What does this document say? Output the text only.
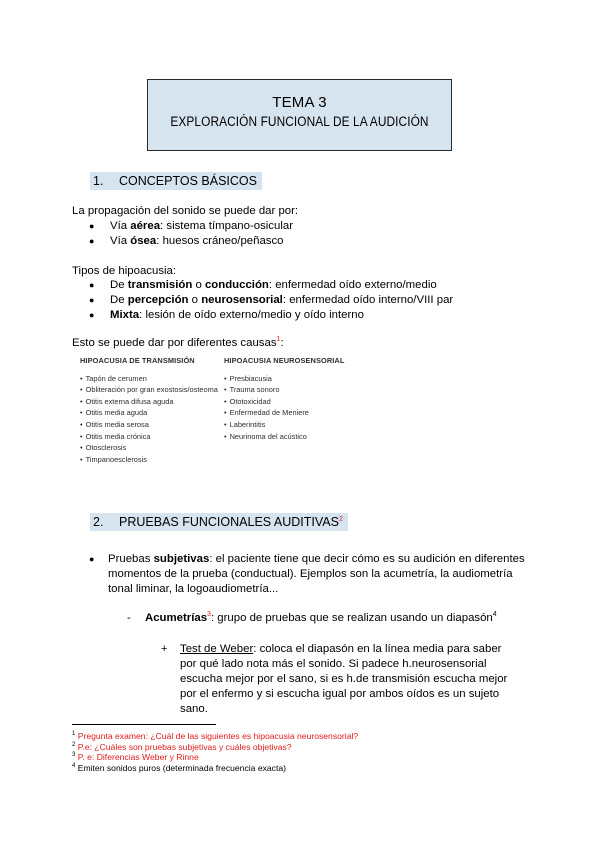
TEMA 3
EXPLORACIÓN FUNCIONAL DE LA AUDICIÓN
1. CONCEPTOS BÁSICOS
La propagación del sonido se puede dar por:
● Vía aérea: sistema tímpano-osicular
● Vía ósea: huesos cráneo/peñasco
Tipos de hipoacusia:
● De transmisión o conducción: enfermedad oído externo/medio
● De percepción o neurosensorial: enfermedad oído interno/VIII par
● Mixta: lesión de oído externo/medio y oído interno
Esto se puede dar por diferentes causas$^1$:
HIPOACUSIA DE TRANSMISIÓN
• Tapón de cerumen
• Obliteración por gran exostosis/osteoma
• Otitis externa difusa aguda
• Otitis media aguda
• Otitis media serosa
• Otitis media crónica
• Otosclerosis
• Timpanoesclerosis
HIPOACUSIA NEUROSENSORIAL
• Presbiacusia
• Trauma sonoro
• Ototoxicidad
• Enfermedad de Meniere
• Laberintitis
• Neurinoma del acústico
2. PRUEBAS FUNCIONALES AUDITIVAS$^2$
● Pruebas subjetivas: el paciente tiene que decir cómo es su audición en diferentes momentos de la prueba (conductual). Ejemplos son la acumetría, la audiometría tonal liminar, la logoaudiometría...
- Acumetrías$^3$: grupo de pruebas que se realizan usando un diapasón$^4$
+ Test de Weber: coloca el diapasón en la línea media para saber por qué lado nota más el sonido. Si padece h.neurosensorial escucha mejor por el sano, si es h.de transmisión escucha mejor por el enfermo y si escucha igual por ambos oídos es un sujeto sano.
$^1$ Pregunta examen: ¿Cuál de las siguientes es hipoacusia neurosensorial?
$^2$ P.e: ¿Cuáles son pruebas subjetivas y cuáles objetivas?
$^3$ P. e: Diferencias Weber y Rinne
$^4$ Emiten sonidos puros (determinada frecuencia exacta)
